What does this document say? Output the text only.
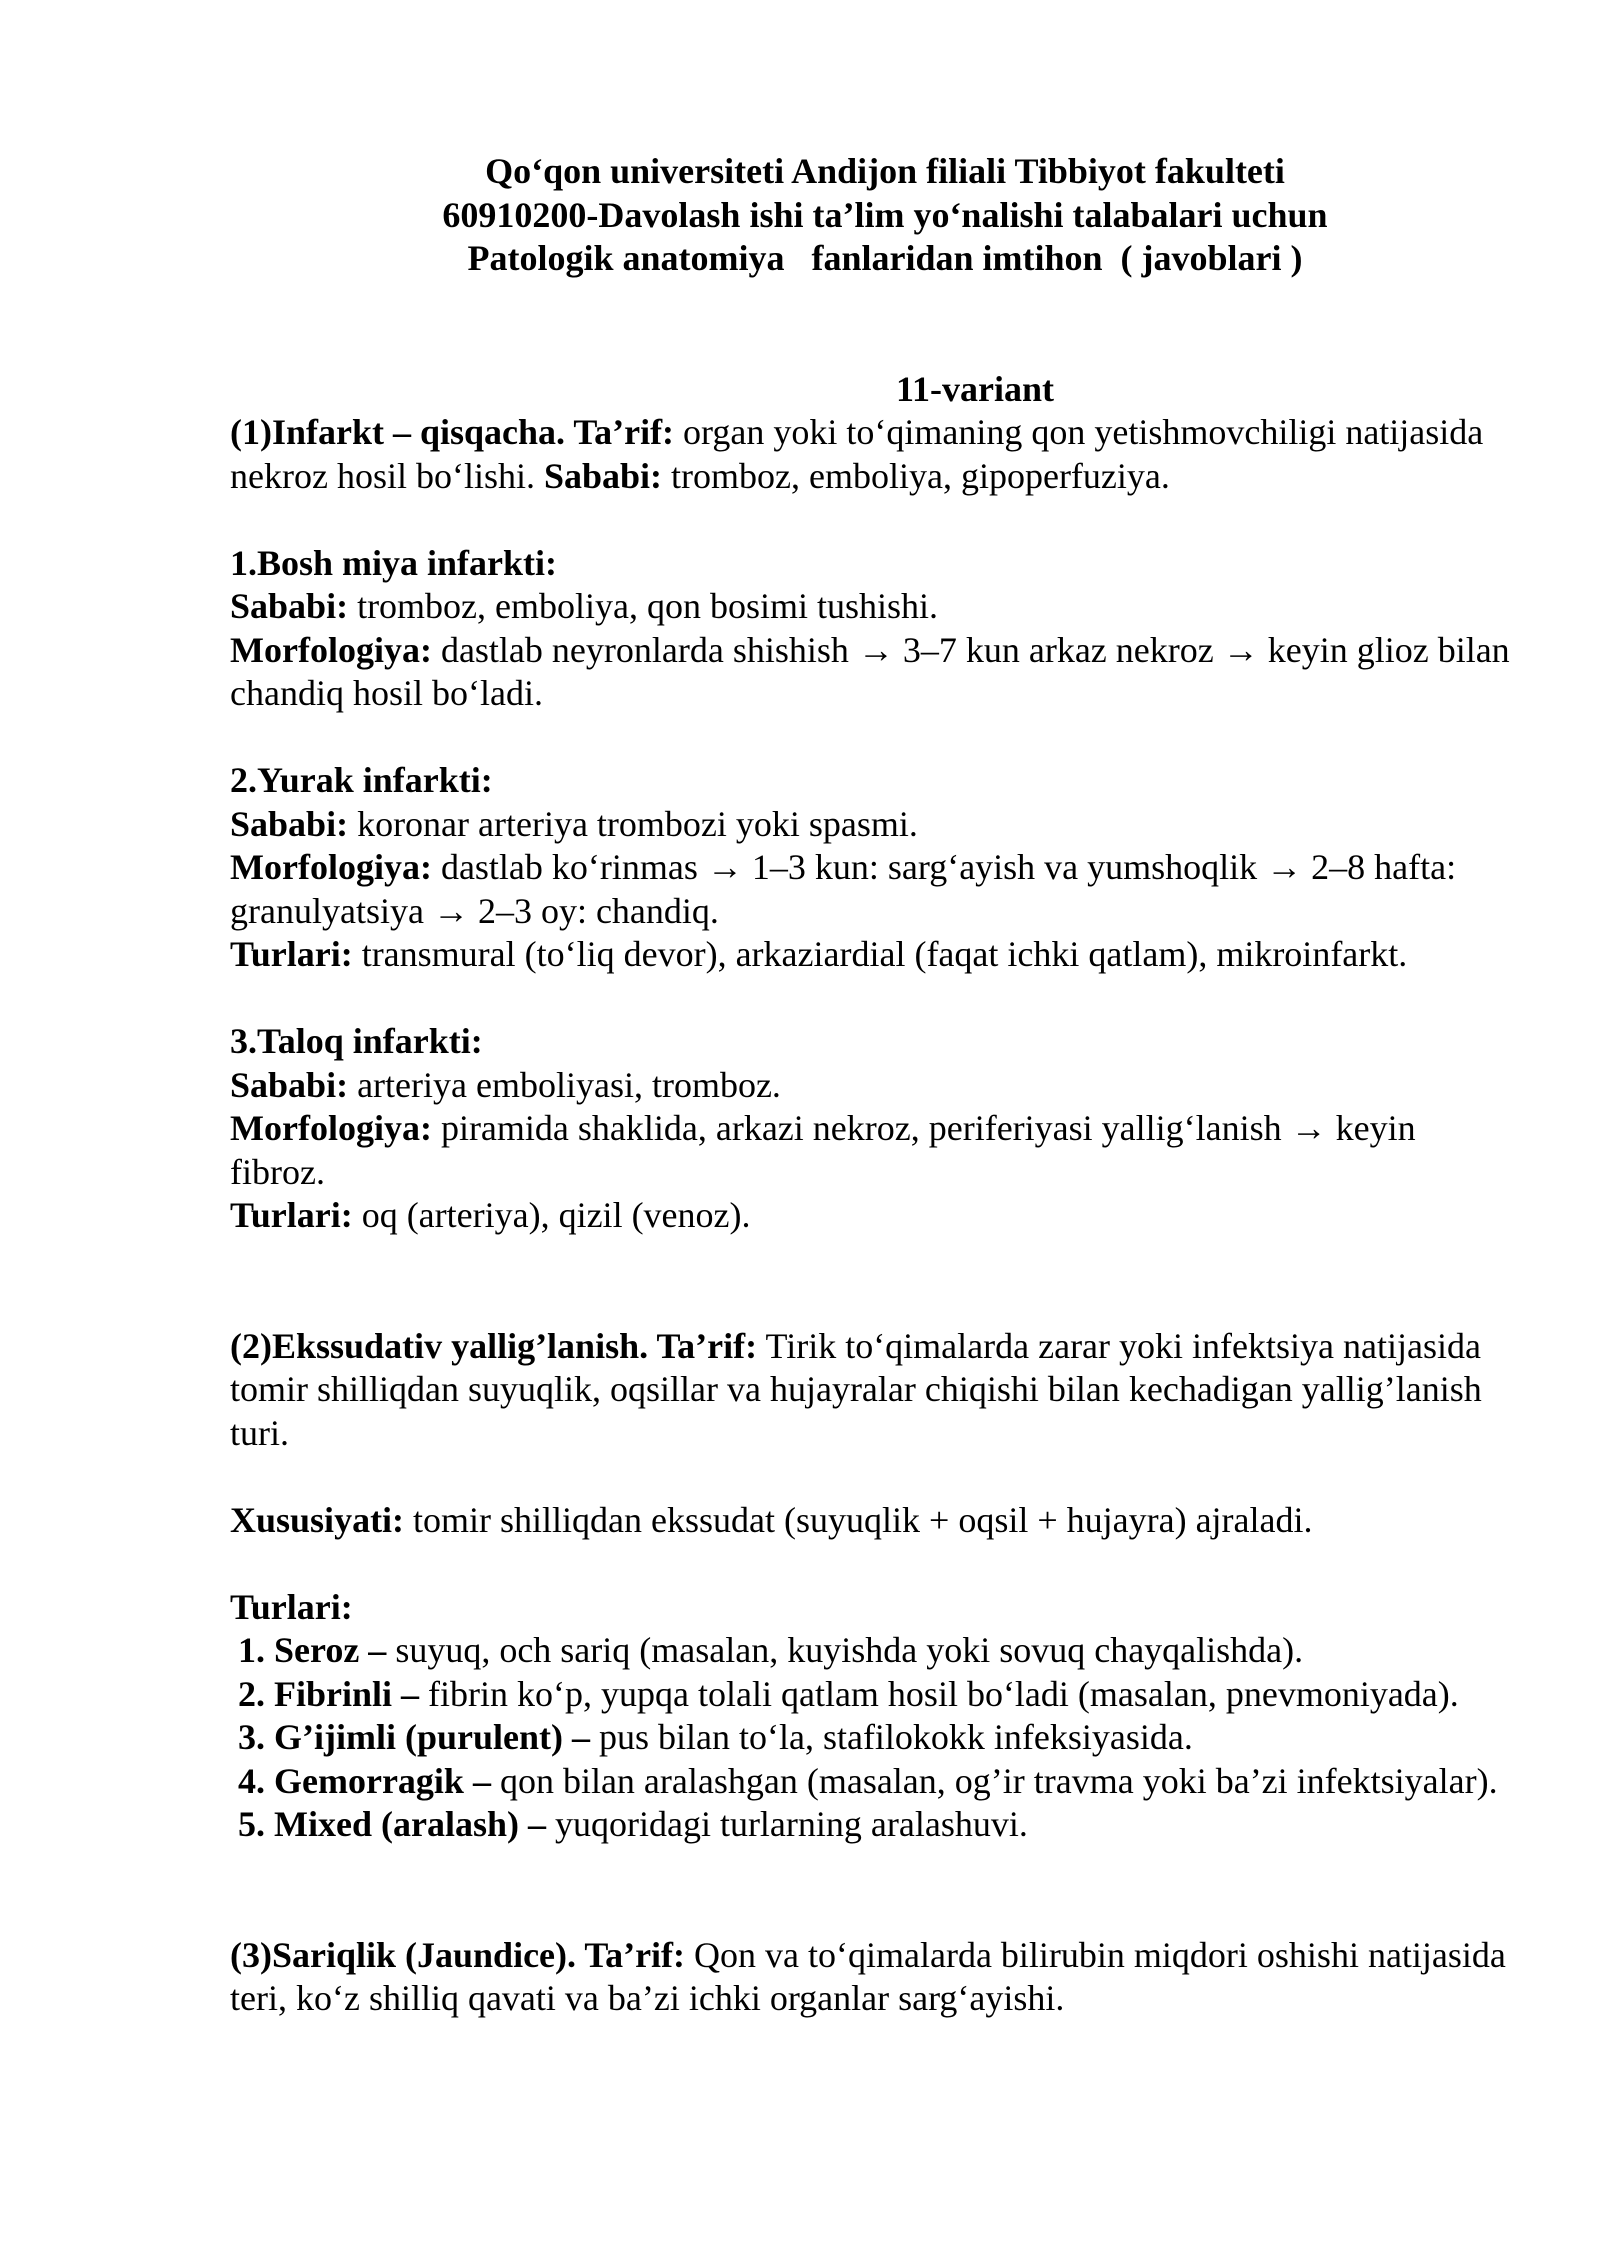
Qo‘qon universiteti Andijon filiali Tibbiyot fakulteti
60910200-Davolash ishi ta’lim yo‘nalishi talabalari uchun
Patologik anatomiya   fanlaridan imtihon  ( javoblari )
11-variant

(1)Infarkt – qisqacha. Ta’rif: organ yoki to‘qimaning qon yetishmovchiligi natijasida nekroz hosil bo‘lishi. Sababi: tromboz, emboliya, gipoperfuziya.

1.Bosh miya infarkti:

Sababi: tromboz, emboliya, qon bosimi tushishi.

Morfologiya: dastlab neyronlarda shishish → 3–7 kun arkaz nekroz → keyin glioz bilan chandiq hosil bo‘ladi.

2.Yurak infarkti:

Sababi: koronar arteriya trombozi yoki spasmi.

Morfologiya: dastlab ko‘rinmas → 1–3 kun: sarg‘ayish va yumshoqlik → 2–8 hafta: granulyatsiya → 2–3 oy: chandiq.

Turlari: transmural (to‘liq devor), arkaziardial (faqat ichki qatlam), mikroinfarkt.

3.Taloq infarkti:

Sababi: arteriya emboliyasi, tromboz.

Morfologiya: piramida shaklida, arkazi nekroz, periferiyasi yallig‘lanish → keyin fibroz.

Turlari: oq (arteriya), qizil (venoz).

(2)Ekssudativ yallig’lanish. Ta’rif: Tirik to‘qimalarda zarar yoki infektsiya natijasida tomir shilliqdan suyuqlik, oqsillar va hujayralar chiqishi bilan kechadigan yallig’lanish turi.

Xususiyati: tomir shilliqdan ekssudat (suyuqlik + oqsil + hujayra) ajraladi.

Turlari:

1. Seroz – suyuq, och sariq (masalan, kuyishda yoki sovuq chayqalishda).

2. Fibrinli – fibrin ko‘p, yupqa tolali qatlam hosil bo‘ladi (masalan, pnevmoniyada).

3. G’ijimli (purulent) – pus bilan to‘la, stafilokokk infeksiyasida.

4. Gemorragik – qon bilan aralashgan (masalan, og’ir travma yoki ba’zi infektsiyalar).

5. Mixed (aralash) – yuqoridagi turlarning aralashuvi.

(3)Sariqlik (Jaundice). Ta’rif: Qon va to‘qimalarda bilirubin miqdori oshishi natijasida teri, ko‘z shilliq qavati va ba’zi ichki organlar sarg‘ayishi.
